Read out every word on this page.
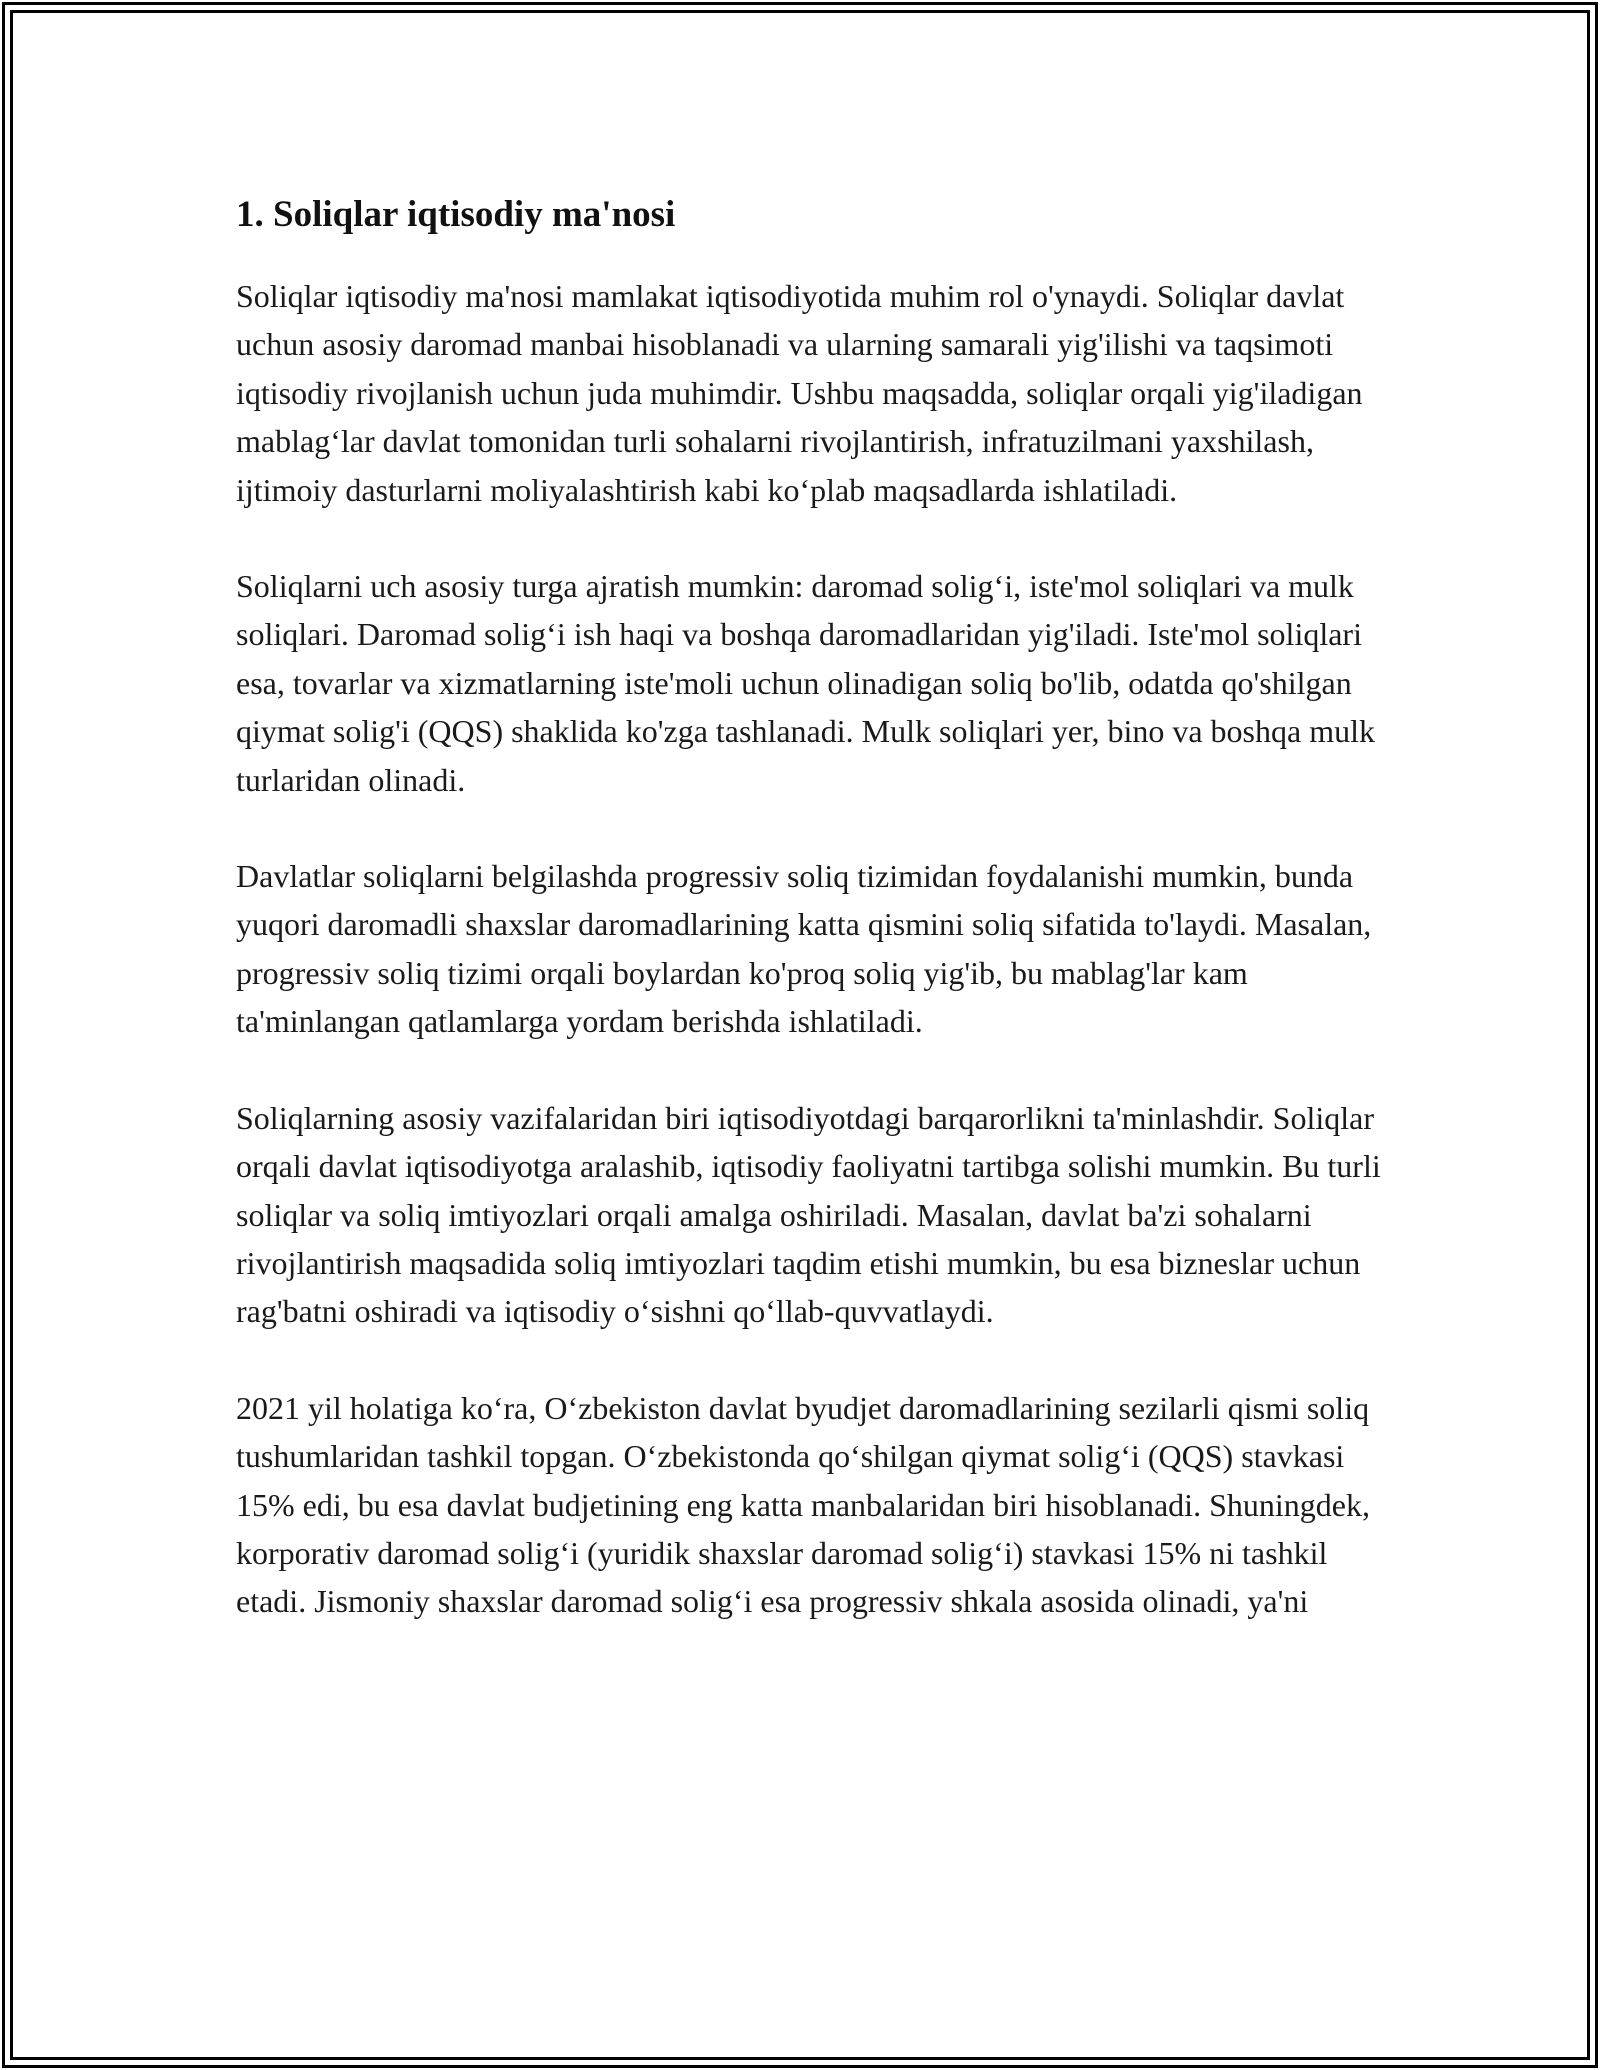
1. Soliqlar iqtisodiy ma'nosi

Soliqlar iqtisodiy ma'nosi mamlakat iqtisodiyotida muhim rol o'ynaydi. Soliqlar davlat uchun asosiy daromad manbai hisoblanadi va ularning samarali yig'ilishi va taqsimoti iqtisodiy rivojlanish uchun juda muhimdir. Ushbu maqsadda, soliqlar orqali yig'iladigan mablag‘lar davlat tomonidan turli sohalarni rivojlantirish, infratuzilmani yaxshilash, ijtimoiy dasturlarni moliyalashtirish kabi ko‘plab maqsadlarda ishlatiladi.

Soliqlarni uch asosiy turga ajratish mumkin: daromad solig‘i, iste'mol soliqlari va mulk soliqlari. Daromad solig‘i ish haqi va boshqa daromadlaridan yig'iladi. Iste'mol soliqlari esa, tovarlar va xizmatlarning iste'moli uchun olinadigan soliq bo'lib, odatda qo'shilgan qiymat solig'i (QQS) shaklida ko'zga tashlanadi. Mulk soliqlari yer, bino va boshqa mulk turlaridan olinadi.

Davlatlar soliqlarni belgilashda progressiv soliq tizimidan foydalanishi mumkin, bunda yuqori daromadli shaxslar daromadlarining katta qismini soliq sifatida to'laydi. Masalan, progressiv soliq tizimi orqali boylardan ko'proq soliq yig'ib, bu mablag'lar kam ta'minlangan qatlamlarga yordam berishda ishlatiladi.

Soliqlarning asosiy vazifalaridan biri iqtisodiyotdagi barqarorlikni ta'minlashdir. Soliqlar orqali davlat iqtisodiyotga aralashib, iqtisodiy faoliyatni tartibga solishi mumkin. Bu turli soliqlar va soliq imtiyozlari orqali amalga oshiriladi. Masalan, davlat ba'zi sohalarni rivojlantirish maqsadida soliq imtiyozlari taqdim etishi mumkin, bu esa bizneslar uchun rag'batni oshiradi va iqtisodiy o‘sishni qo‘llab-quvvatlaydi.

2021 yil holatiga ko‘ra, O‘zbekiston davlat byudjet daromadlarining sezilarli qismi soliq tushumlaridan tashkil topgan. O‘zbekistonda qo‘shilgan qiymat solig‘i (QQS) stavkasi 15% edi, bu esa davlat budjetining eng katta manbalaridan biri hisoblanadi. Shuningdek, korporativ daromad solig‘i (yuridik shaxslar daromad solig‘i) stavkasi 15% ni tashkil etadi. Jismoniy shaxslar daromad solig‘i esa progressiv shkala asosida olinadi, ya'ni
